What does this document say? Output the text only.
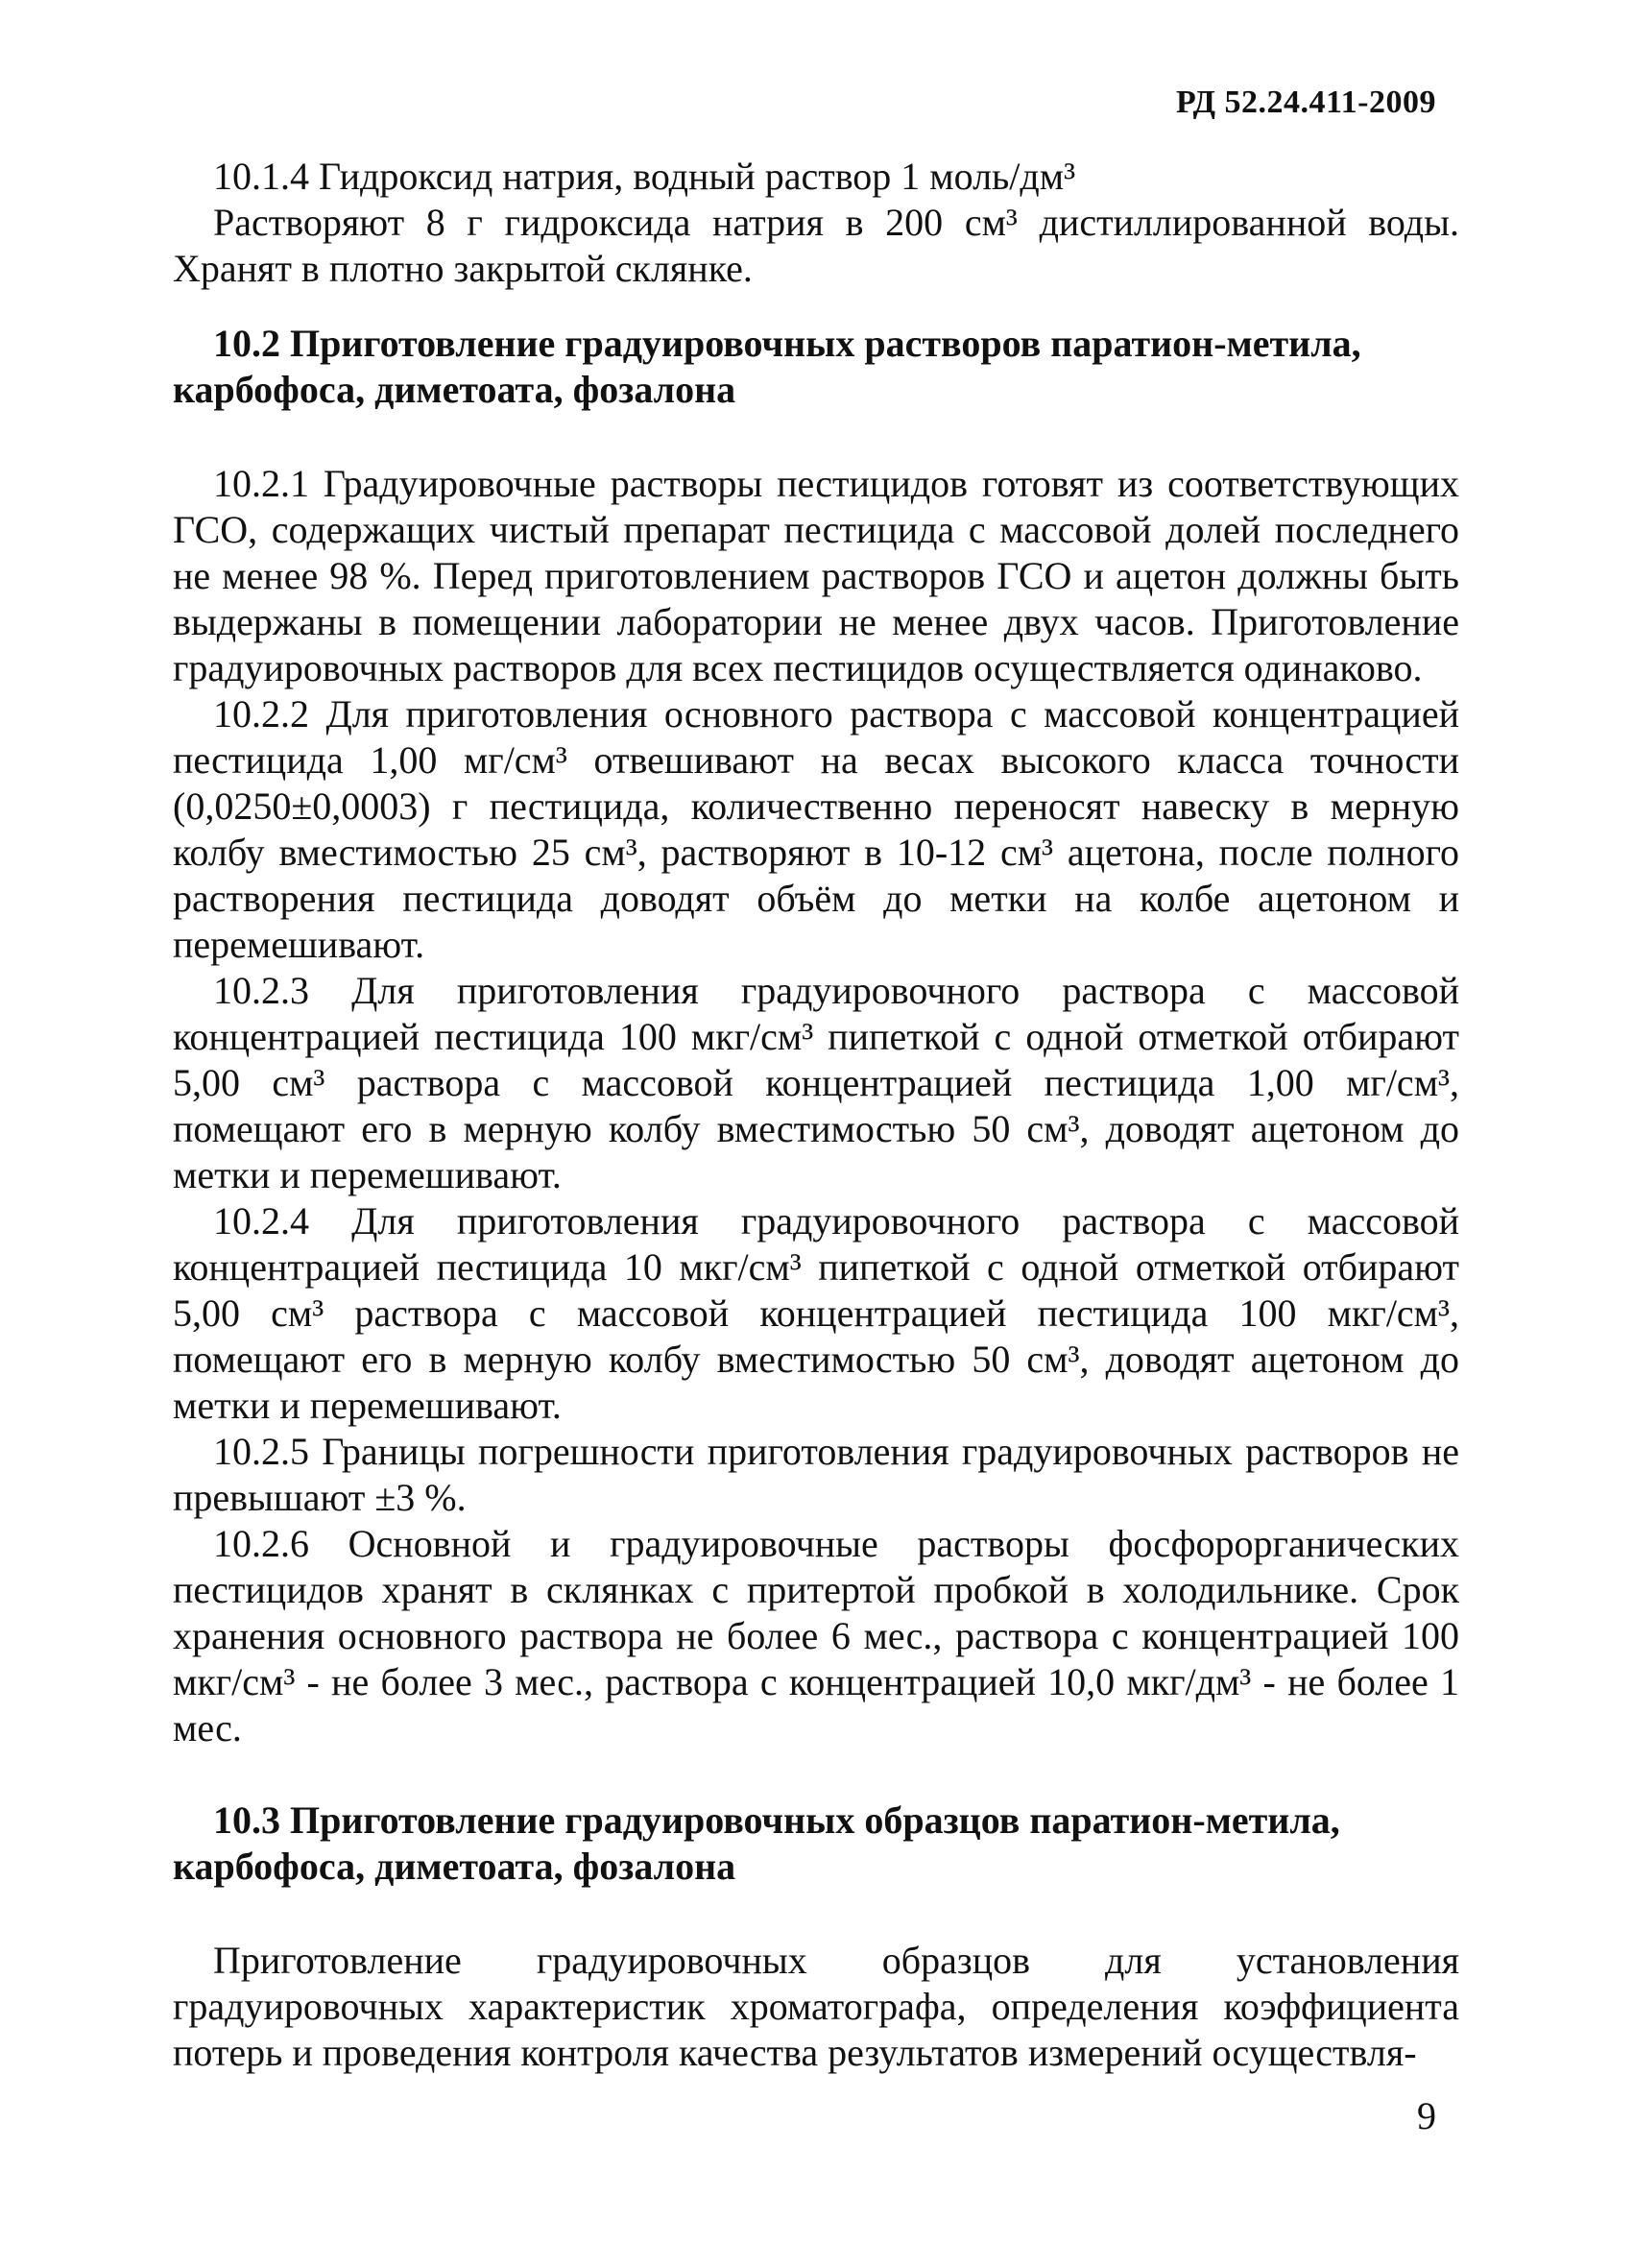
РД 52.24.411-2009

10.1.4 Гидроксид натрия, водный раствор 1 моль/дм³

Растворяют 8 г гидроксида натрия в 200 см³ дистиллированной воды. Хранят в плотно закрытой склянке.

10.2 Приготовление градуировочных растворов паратион-метила, карбофоса, диметоата, фозалона

10.2.1 Градуировочные растворы пестицидов готовят из соответствующих ГСО, содержащих чистый препарат пестицида с массовой долей последнего не менее 98 %. Перед приготовлением растворов ГСО и ацетон должны быть выдержаны в помещении лаборатории не менее двух часов. Приготовление градуировочных растворов для всех пестицидов осуществляется одинаково.

10.2.2 Для приготовления основного раствора с массовой концентрацией пестицида 1,00 мг/см³ отвешивают на весах высокого класса точности (0,0250±0,0003) г пестицида, количественно переносят навеску в мерную колбу вместимостью 25 см³, растворяют в 10-12 см³ ацетона, после полного растворения пестицида доводят объём до метки на колбе ацетоном и перемешивают.

10.2.3 Для приготовления градуировочного раствора с массовой концентрацией пестицида 100 мкг/см³ пипеткой с одной отметкой отбирают 5,00 см³ раствора с массовой концентрацией пестицида 1,00 мг/см³, помещают его в мерную колбу вместимостью 50 см³, доводят ацетоном до метки и перемешивают.

10.2.4 Для приготовления градуировочного раствора с массовой концентрацией пестицида 10 мкг/см³ пипеткой с одной отметкой отбирают 5,00 см³ раствора с массовой концентрацией пестицида 100 мкг/см³, помещают его в мерную колбу вместимостью 50 см³, доводят ацетоном до метки и перемешивают.

10.2.5 Границы погрешности приготовления градуировочных растворов не превышают ±3 %.

10.2.6 Основной и градуировочные растворы фосфорорганических пестицидов хранят в склянках с притертой пробкой в холодильнике. Срок хранения основного раствора не более 6 мес., раствора с концентрацией 100 мкг/см³ - не более 3 мес., раствора с концентрацией 10,0 мкг/дм³ - не более 1 мес.

10.3 Приготовление градуировочных образцов паратион-метила, карбофоса, диметоата, фозалона

Приготовление градуировочных образцов для установления градуировочных характеристик хроматографа, определения коэффициента потерь и проведения контроля качества результатов измерений осуществля-

9
